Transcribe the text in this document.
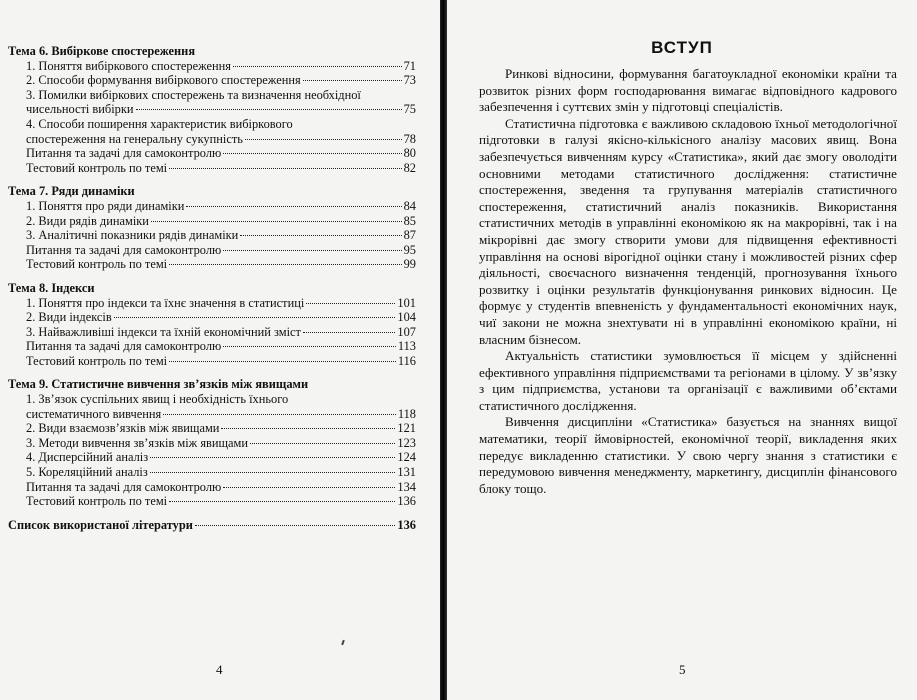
Тема 6. Вибіркове спостереження
1. Поняття вибіркового спостереження	71
2. Способи формування вибіркового спостереження	73
3. Помилки вибіркових спостережень та визначення необхідної
чисельності вибірки	75
4. Способи поширення характеристик вибіркового
спостереження на генеральну сукупність	78
Питання та задачі для самоконтролю	80
Тестовий контроль по темі	82
Тема 7. Ряди динаміки
1. Поняття про ряди динаміки	84
2. Види рядів динаміки	85
3. Аналітичні показники рядів динаміки	87
Питання та задачі для самоконтролю	95
Тестовий контроль по темі	99
Тема 8. Індекси
1. Поняття про індекси та їхнє значення в статистиці	101
2. Види індексів	104
3. Найважливіші індекси та їхній економічний зміст	107
Питання та задачі для самоконтролю	113
Тестовий контроль по темі	116
Тема 9. Статистичне вивчення зв’язків між явищами
1. Зв’язок суспільних явищ і необхідність їхнього
систематичного вивчення	118
2. Види взаємозв’язків між явищами	121
3. Методи вивчення зв’язків між явищами	123
4. Дисперсійний аналіз	124
5. Кореляційний аналіз	131
Питання та задачі для самоконтролю	134
Тестовий контроль по темі	136
Список використаної літератури	136
4
ВСТУП

Ринкові відносини, формування багатоукладної економіки країни та розвиток різних форм господарювання вимагає відповідного кадрового забезпечення і суттєвих змін у підготовці спеціалістів.

Статистична підготовка є важливою складовою їхньої методологічної підготовки в галузі якісно-кількісного аналізу масових явищ. Вона забезпечується вивченням курсу «Статистика», який дає змогу оволодіти основними методами статистичного дослідження: статистичне спостереження, зведення та групування матеріалів статистичного спостереження, статистичний аналіз показників. Використання статистичних методів в управлінні економікою як на макрорівні, так і на мікрорівні дає змогу створити умови для підвищення ефективності управління на основі вірогідної оцінки стану і можливостей різних сфер діяльності, своєчасного визначення тенденцій, прогнозування їхнього розвитку і оцінки результатів функціонування ринкових відносин. Це формує у студентів впевненість у фундаментальності економічних наук, чиї закони не можна знехтувати ні в управлінні економікою країни, ні власним бізнесом.

Актуальність статистики зумовлюється її місцем у здійсненні ефективного управління підприємствами та регіонами в цілому. У зв’язку з цим підприємства, установи та організації є важливими об’єктами статистичного дослідження.

Вивчення дисципліни «Статистика» базується на знаннях вищої математики, теорії ймовірностей, економічної теорії, викладення яких передує викладенню статистики. У свою чергу знання з статистики є передумовою вивчення менеджменту, маркетингу, дисциплін фінансового блоку тощо.

5
